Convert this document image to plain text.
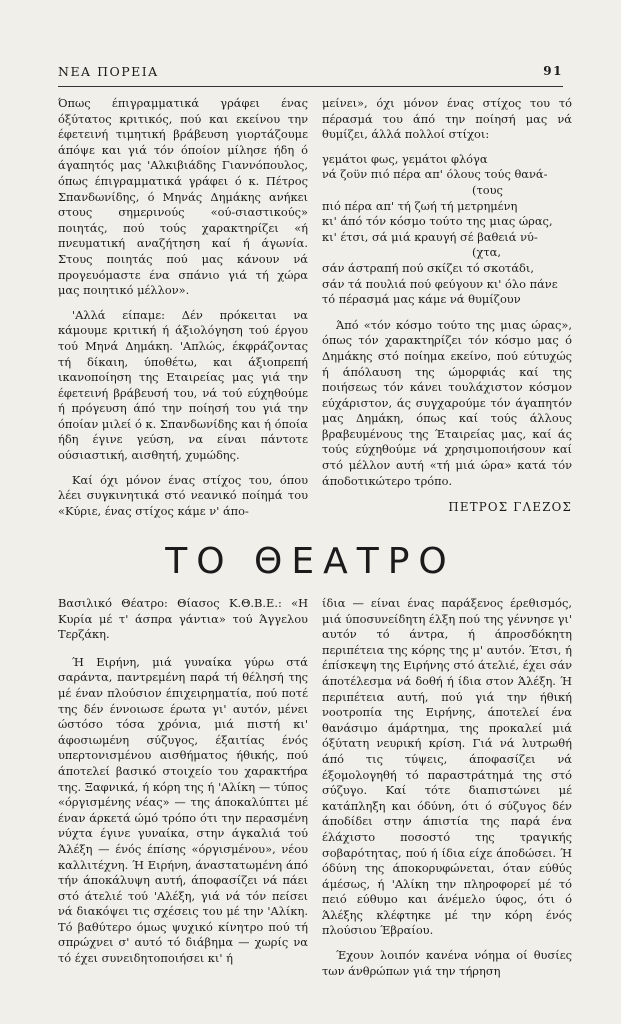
ΝΕΑ ΠΟΡΕΙΑ	91

Όπως έπιγραμματικά γράφει ένας όξύτατος κριτικός, πού και εκείνου την έφετεινή τιμητική βράβευση γιορτάζουμε άπόψε και γιά τόν όποίον μίλησε ήδη ό άγαπητός μας 'Αλκιβιάδης Γιαννόπουλος, όπως έπιγραμματικά γράφει ό κ. Πέτρος Σπανδωνίδης, ό Μηνάς Δημάκης ανήκει στους σημερινούς «ού-σιαστικούς» ποιητάς, πού τούς χαρακτηρίζει «ή πνευματική αναζήτηση καί ή άγωνία. Στους ποιητάς πού μας κάνουν νά προγευόμαστε ένα σπάνιο γιά τή χώρα μας ποιητικό μέλλον».

'Αλλά είπαμε: Δέν πρόκειται να κάμουμε κριτική ή άξιολόγηση τού έργου τού Μηνά Δημάκη. 'Απλώς, έκφράζοντας τή δίκαιη, ύποθέτω, και άξιοπρεπή ικανοποίηση της Εταιρείας μας γιά την έφετεινή βράβευσή του, νά τού εύχηθούμε ή πρόγευση άπό την ποίησή του γιά την όποίαν μιλεί ό κ. Σπανδωνίδης και ή όποία ήδη έγινε γεύση, να είναι πάντοτε ούσιαστική, αισθητή, χυμώδης.

Καί όχι μόνον ένας στίχος του, όπου λέει συγκινητικά στό νεανικό ποίημά του «Κύριε, ένας στίχος κάμε ν' άπο-

μείνει», όχι μόνον ένας στίχος του τό πέρασμά του άπό την ποίησή μας νά θυμίζει, άλλά πολλοί στίχοι:

γεμάτοι φως, γεμάτοι φλόγα
νά ζοϋν πιό πέρα απ' όλους τούς θανά-
(τους
πιό πέρα απ' τή ζωή τή μετρημένη
κι' άπό τόν κόσμο τούτο της μιας ώρας,
κι' έτσι, σά μιά κραυγή σέ βαθειά νύ-
(χτα,
σάν άστραπή πού σκίζει τό σκοτάδι,
σάν τά πουλιά πού φεύγουν κι' όλο πάνε
τό πέρασμά μας κάμε νά θυμίζουν

Άπό «τόν κόσμο τούτο της μιας ώρας», όπως τόν χαρακτηρίζει τόν κόσμο μας ό Δημάκης στό ποίημα εκείνο, πού εύτυχώς ή άπόλαυση της ώμορφιάς καί της ποιήσεως τόν κάνει τουλάχιστον κόσμον εύχάριστον, άς συγχαρούμε τόν άγαπητόν μας Δημάκη, όπως καί τούς άλλους βραβευμένους της Έταιρείας μας, καί άς τούς εύχηθούμε νά χρησιμοποιήσουν καί στό μέλλον αυτή «τή μιά ώρα» κατά τόν άποδοτικώτερο τρόπο.

ΠΕΤΡΟΣ ΓΛΕΖΟΣ
ΤΟ ΘΕΑΤΡΟ

Βασιλικό Θέατρο: Θίασος Κ.Θ.Β.Ε.: «Η Κυρία μέ τ' άσπρα γάντια» τού Άγγελου Τερζάκη.

Ή Ειρήνη, μιά γυναίκα γύρω στά σαράντα, παντρεμένη παρά τή θέλησή της μέ έναν πλούσιον έπιχειρηματία, πού ποτέ της δέν έννοιωσε έρωτα γι' αυτόν, μένει ώστόσο τόσα χρόνια, μιά πιστή κι' άφοσιωμένη σύζυγος, έξαιτίας ένός υπερτονισμένου αισθήματος ήθικής, πού άποτελεί βασικό στοιχείο του χαρακτήρα της. Ξαφνικά, ή κόρη της ή 'Αλίκη — τύπος «όργισμένης νέας» — της άποκαλύπτει μέ έναν άρκετά ώμό τρόπο ότι την περασμένη νύχτα έγινε γυναίκα, στην άγκαλιά τού Άλέξη — ένός έπίσης «όργισμένου», νέου καλλιτέχνη. Ή Ειρήνη, άναστατωμένη άπό τήν άποκάλυψη αυτή, άποφασίζει νά πάει στό άτελιέ τού 'Αλέξη, γιά νά τόν πείσει νά διακόψει τις σχέσεις του μέ την 'Αλίκη. Τό βαθύτερο όμως ψυχικό κίνητρο πού τή σπρώχνει σ' αυτό τό διάβημα — χωρίς να τό έχει συνειδητοποιήσει κι' ή

ίδια — είναι ένας παράξενος έρεθισμός, μιά ύποσυνείδητη έλξη πού της γέννησε γι' αυτόν τό άντρα, ή άπροσδόκητη περιπέτεια της κόρης της μ' αυτόν. Έτσι, ή έπίσκεψη της Ειρήνης στό άτελιέ, έχει σάν άποτέλεσμα νά δοθή ή ίδια στον Άλέξη. Ή περιπέτεια αυτή, πού γιά την ήθική νοοτροπία της Ειρήνης, άποτελεί ένα θανάσιμο άμάρτημα, της προκαλεί μιά όξύτατη νευρική κρίση. Γιά νά λυτρωθή άπό τις τύψεις, άποφασίζει νά έξομολογηθή τό παραστράτημά της στό σύζυγο. Καί τότε διαπιστώνει μέ κατάπληξη και όδύνη, ότι ό σύζυγος δέν άποδίδει στην άπιστία της παρά ένα έλάχιστο ποσοστό της τραγικής σοβαρότητας, πού ή ίδια είχε άποδώσει. Ή όδύνη της άποκορυφώνεται, όταν εύθύς άμέσως, ή 'Αλίκη την πληροφορεί μέ τό πειό εύθυμο και άνέμελο ύφος, ότι ό Άλέξης κλέφτηκε μέ την κόρη ένός πλούσιου Έβραίου.

Έχουν λοιπόν κανένα νόημα οί θυσίες των άνθρώπων γιά την τήρηση
